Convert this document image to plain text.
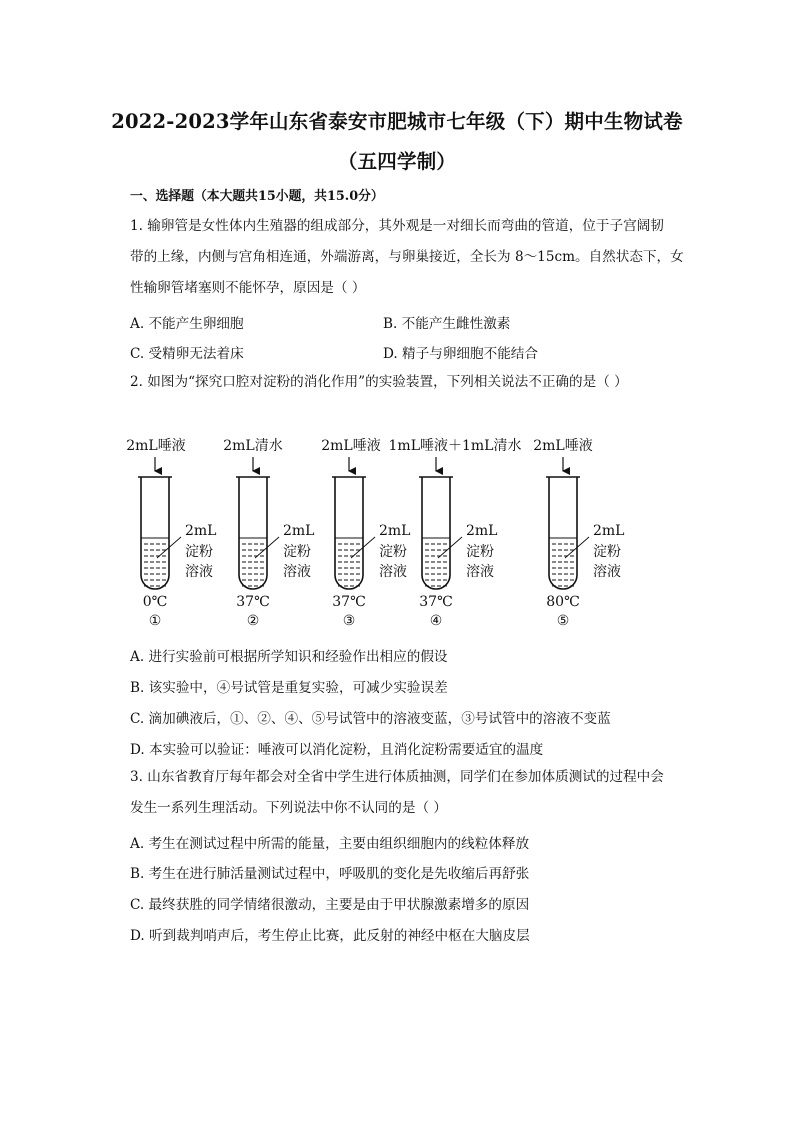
2022-2023学年山东省泰安市肥城市七年级（下）期中生物试卷
（五四学制）
一、选择题（本大题共15小题，共15.0分）
1. 输卵管是女性体内生殖器的组成部分，其外观是一对细长而弯曲的管道，位于子宫阔韧
带的上缘，内侧与宫角相连通，外端游离，与卵巢接近，全长为 8～15cm。自然状态下，女
性输卵管堵塞则不能怀孕，原因是（ ）
A. 不能产生卵细胞	B. 不能产生雌性激素
C. 受精卵无法着床	D. 精子与卵细胞不能结合
2. 如图为“探究口腔对淀粉的消化作用”的实验装置，下列相关说法不正确的是（ ）
2mL唾液
2mL
淀粉
溶液
0℃
①
2mL清水
2mL
淀粉
溶液
37℃
②
2mL唾液
2mL
淀粉
溶液
37℃
③
1mL唾液＋1mL清水
2mL
淀粉
溶液
37℃
④
2mL唾液
2mL
淀粉
溶液
80℃
⑤
A. 进行实验前可根据所学知识和经验作出相应的假设
B. 该实验中，④号试管是重复实验，可减少实验误差
C. 滴加碘液后，①、②、④、⑤号试管中的溶液变蓝，③号试管中的溶液不变蓝
D. 本实验可以验证：唾液可以消化淀粉，且消化淀粉需要适宜的温度
3. 山东省教育厅每年都会对全省中学生进行体质抽测，同学们在参加体质测试的过程中会
发生一系列生理活动。下列说法中你不认同的是（ ）
A. 考生在测试过程中所需的能量，主要由组织细胞内的线粒体释放
B. 考生在进行肺活量测试过程中，呼吸肌的变化是先收缩后再舒张
C. 最终获胜的同学情绪很激动，主要是由于甲状腺激素增多的原因
D. 听到裁判哨声后，考生停止比赛，此反射的神经中枢在大脑皮层
